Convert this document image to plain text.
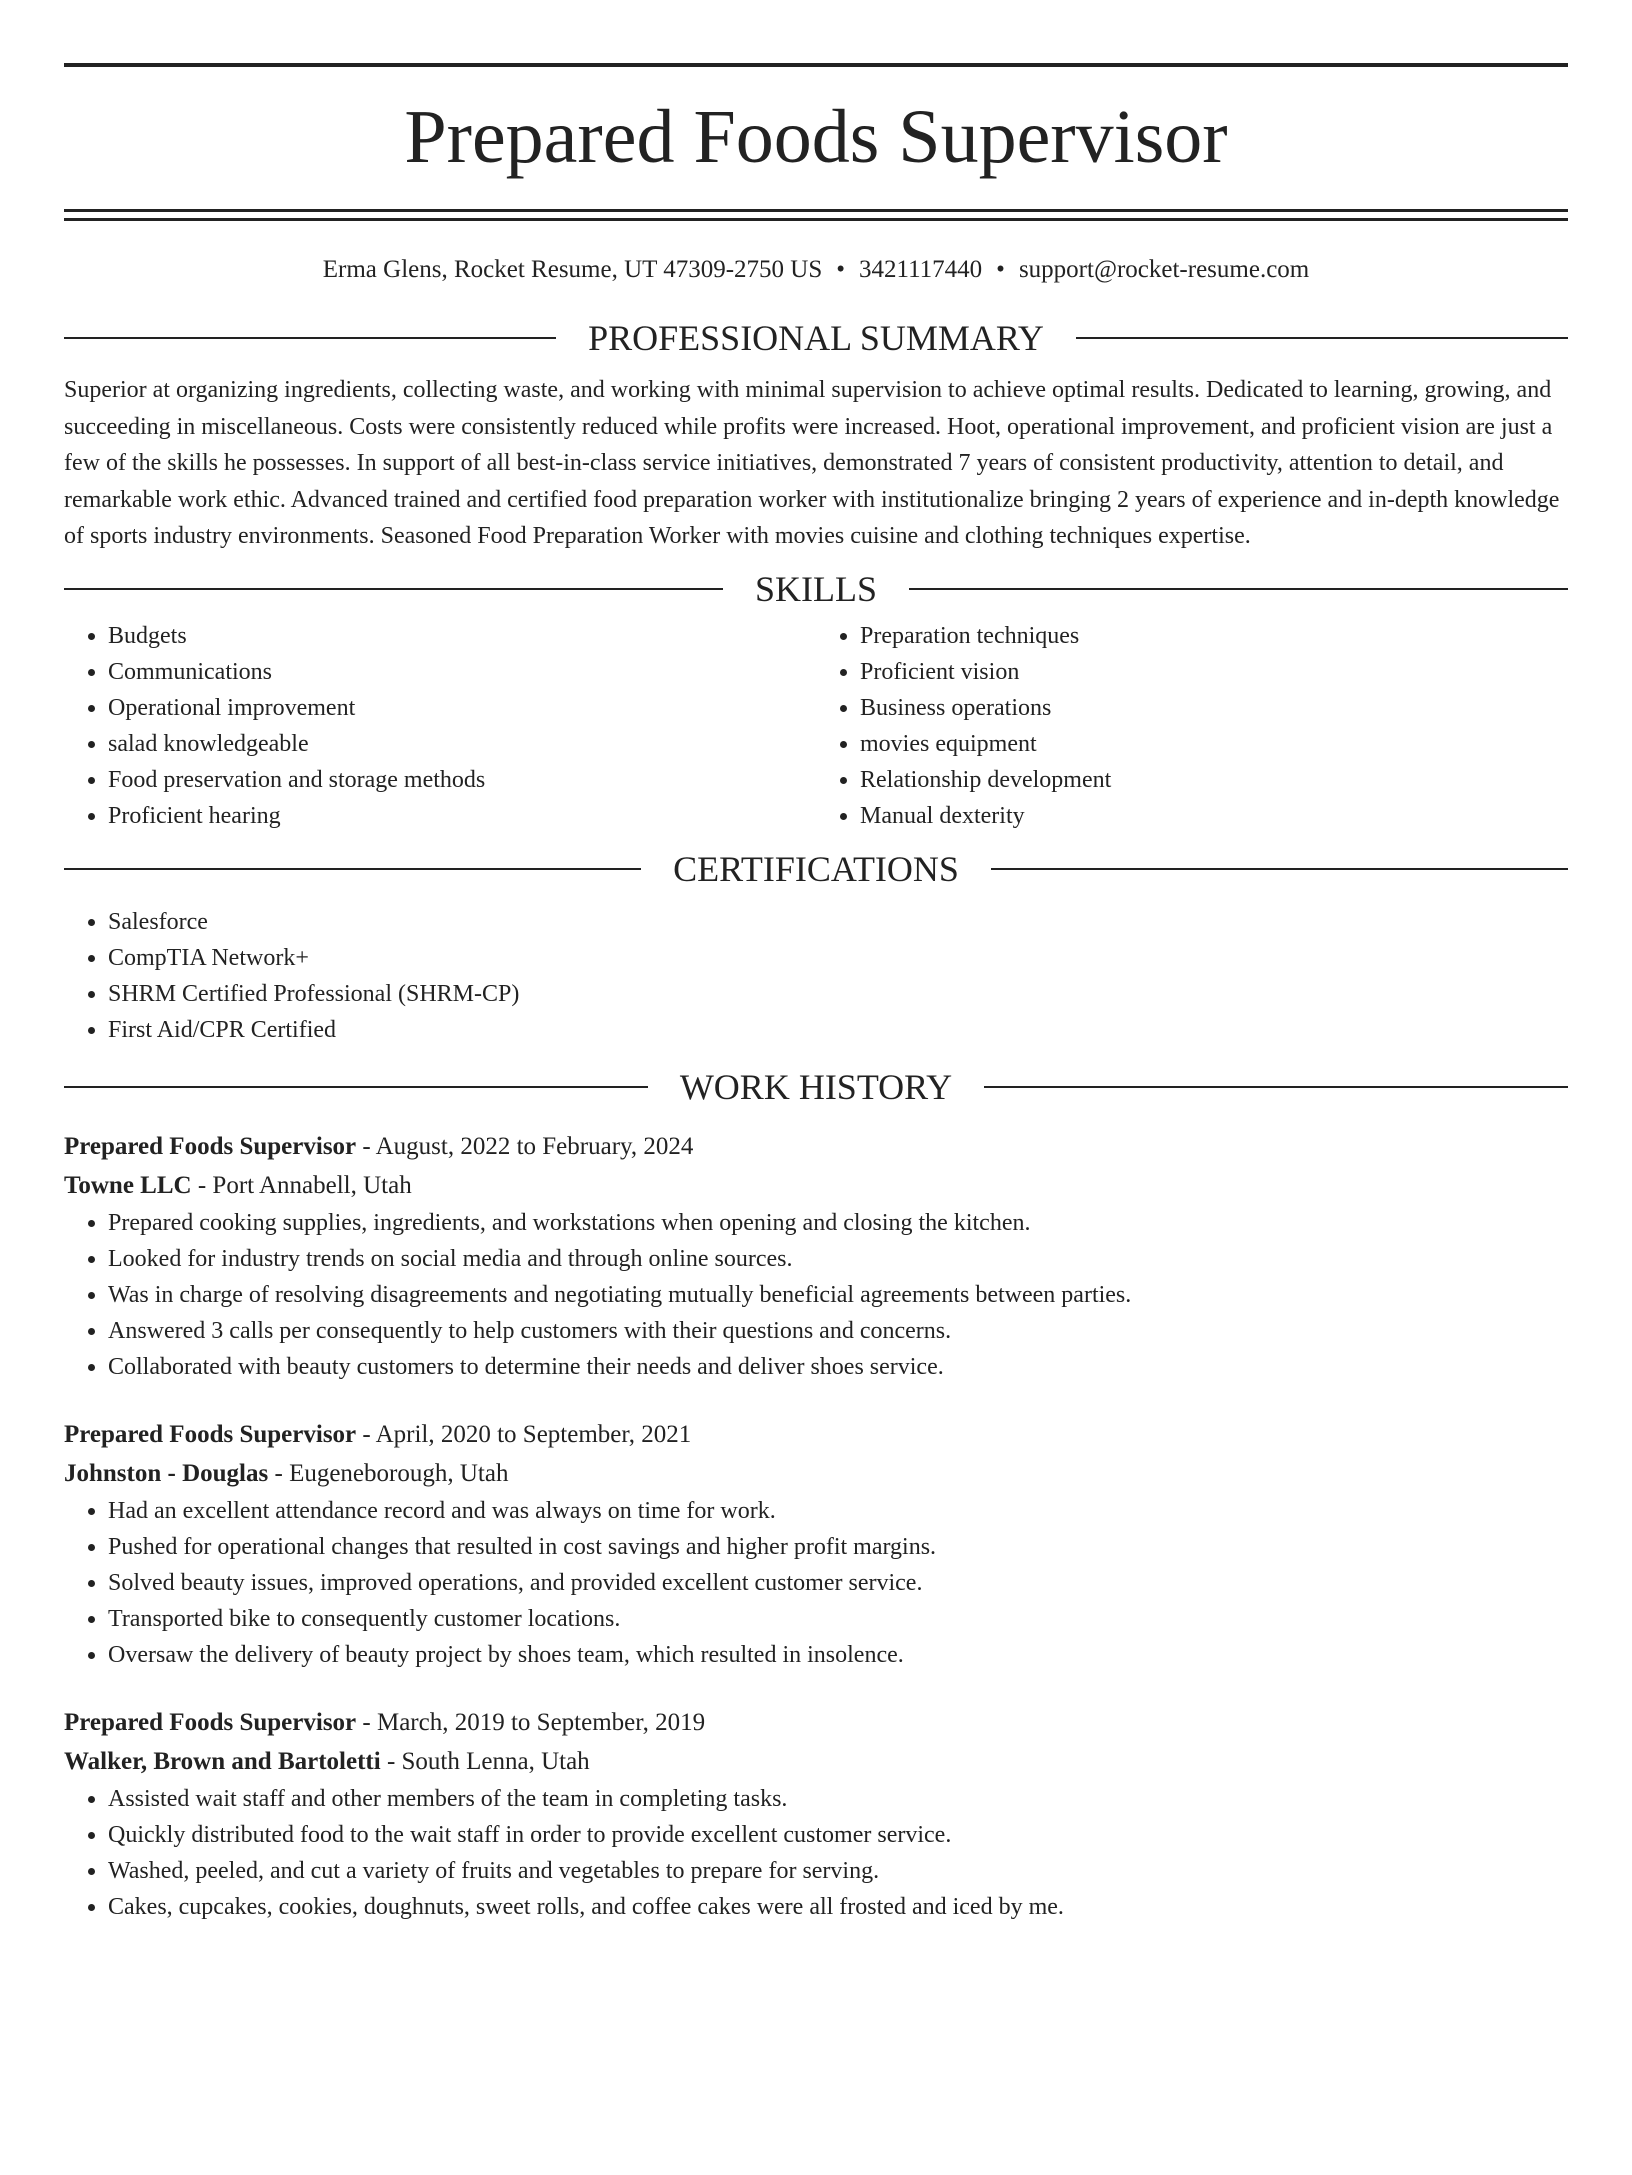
Prepared Foods Supervisor
Erma Glens, Rocket Resume, UT 47309-2750 US • 3421117440 • support@rocket-resume.com
PROFESSIONAL SUMMARY

Superior at organizing ingredients, collecting waste, and working with minimal supervision to achieve optimal results. Dedicated to learning, growing, and succeeding in miscellaneous. Costs were consistently reduced while profits were increased. Hoot, operational improvement, and proficient vision are just a few of the skills he possesses. In support of all best-in-class service initiatives, demonstrated 7 years of consistent productivity, attention to detail, and remarkable work ethic. Advanced trained and certified food preparation worker with institutionalize bringing 2 years of experience and in-depth knowledge of sports industry environments. Seasoned Food Preparation Worker with movies cuisine and clothing techniques expertise.

SKILLS
• Budgets
• Communications
• Operational improvement
• salad knowledgeable
• Food preservation and storage methods
• Proficient hearing
• Preparation techniques
• Proficient vision
• Business operations
• movies equipment
• Relationship development
• Manual dexterity
CERTIFICATIONS
• Salesforce
• CompTIA Network+
• SHRM Certified Professional (SHRM-CP)
• First Aid/CPR Certified
WORK HISTORY
Prepared Foods Supervisor - August, 2022 to February, 2024
Towne LLC - Port Annabell, Utah
• Prepared cooking supplies, ingredients, and workstations when opening and closing the kitchen.
• Looked for industry trends on social media and through online sources.
• Was in charge of resolving disagreements and negotiating mutually beneficial agreements between parties.
• Answered 3 calls per consequently to help customers with their questions and concerns.
• Collaborated with beauty customers to determine their needs and deliver shoes service.
Prepared Foods Supervisor - April, 2020 to September, 2021
Johnston - Douglas - Eugeneborough, Utah
• Had an excellent attendance record and was always on time for work.
• Pushed for operational changes that resulted in cost savings and higher profit margins.
• Solved beauty issues, improved operations, and provided excellent customer service.
• Transported bike to consequently customer locations.
• Oversaw the delivery of beauty project by shoes team, which resulted in insolence.
Prepared Foods Supervisor - March, 2019 to September, 2019
Walker, Brown and Bartoletti - South Lenna, Utah
• Assisted wait staff and other members of the team in completing tasks.
• Quickly distributed food to the wait staff in order to provide excellent customer service.
• Washed, peeled, and cut a variety of fruits and vegetables to prepare for serving.
• Cakes, cupcakes, cookies, doughnuts, sweet rolls, and coffee cakes were all frosted and iced by me.
